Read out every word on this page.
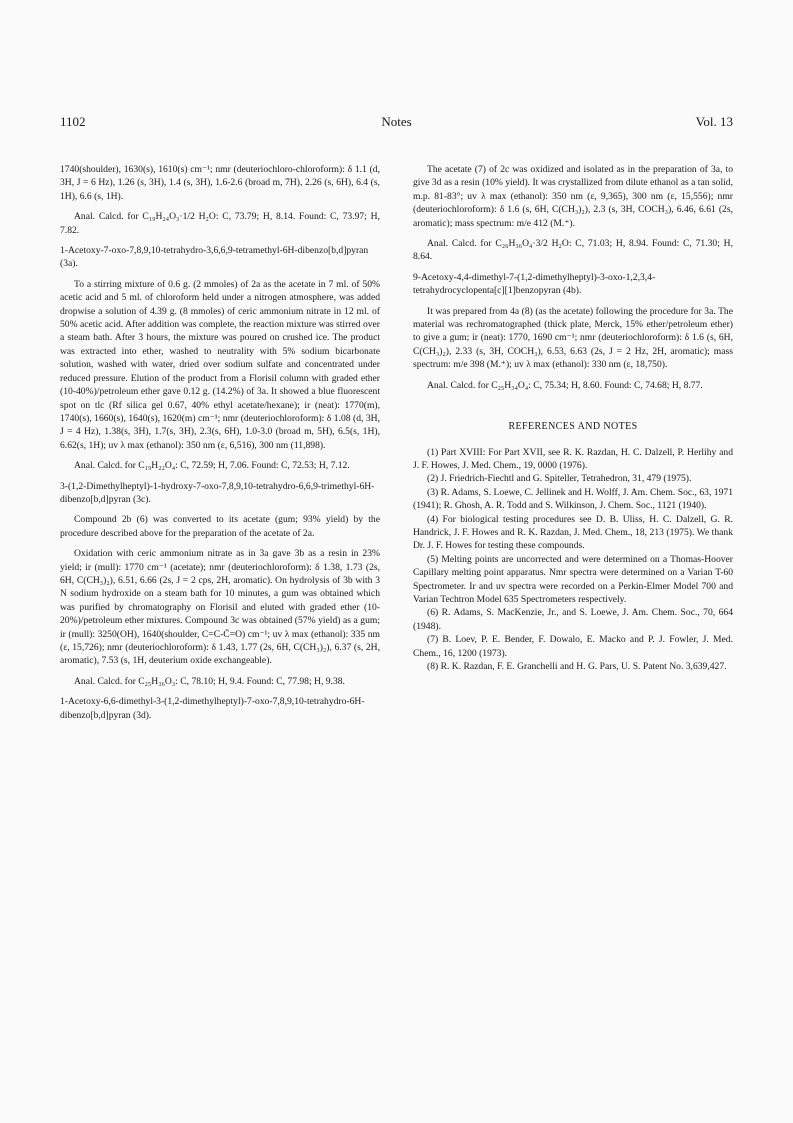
1102	Notes	Vol. 13

1740(shoulder), 1630(s), 1610(s) cm⁻¹; nmr (deuteriochloro-chloroform): δ 1.1 (d, 3H, J = 6 Hz), 1.26 (s, 3H), 1.4 (s, 3H), 1.6-2.6 (broad m, 7H), 2.26 (s, 6H), 6.4 (s, 1H), 6.6 (s, 1H).

Anal. Calcd. for C₁₉H₂₄O₃·1/2 H₂O: C, 73.79; H, 8.14. Found: C, 73.97; H, 7.82.

1-Acetoxy-7-oxo-7,8,9,10-tetrahydro-3,6,6,9-tetramethyl-6H-dibenzo[b,d]pyran (3a).

To a stirring mixture of 0.6 g. (2 mmoles) of 2a as the acetate in 7 ml. of 50% acetic acid and 5 ml. of chloroform held under a nitrogen atmosphere, was added dropwise a solution of 4.39 g. (8 mmoles) of ceric ammonium nitrate in 12 ml. of 50% acetic acid. After addition was complete, the reaction mixture was stirred over a steam bath. After 3 hours, the mixture was poured on crushed ice. The product was extracted into ether, washed to neutrality with 5% sodium bicarbonate solution, washed with water, dried over sodium sulfate and concentrated under reduced pressure. Elution of the product from a Florisil column with graded ether (10-40%)/petroleum ether gave 0.12 g. (14.2%) of 3a. It showed a blue fluorescent spot on tlc (Rf silica gel 0.67, 40% ethyl acetate/hexane); ir (neat): 1770(m), 1740(s), 1660(s), 1640(s), 1620(m) cm⁻¹; nmr (deuteriochloroform): δ 1.08 (d, 3H, J = 4 Hz), 1.38(s, 3H), 1.7(s, 3H), 2.3(s, 6H), 1.0-3.0 (broad m, 5H), 6.5(s, 1H), 6.62(s, 1H); uv λ max (ethanol): 350 nm (ε, 6,516), 300 nm (11,898).

Anal. Calcd. for C₁₉H₂₂O₄: C, 72.59; H, 7.06. Found: C, 72.53; H, 7.12.

3-(1,2-Dimethylheptyl)-1-hydroxy-7-oxo-7,8,9,10-tetrahydro-6,6,9-trimethyl-6H-dibenzo[b,d]pyran (3c).

Compound 2b (6) was converted to its acetate (gum; 93% yield) by the procedure described above for the preparation of the acetate of 2a.

Oxidation with ceric ammonium nitrate as in 3a gave 3b as a resin in 23% yield; ir (mull): 1770 cm⁻¹ (acetate); nmr (deuteriochloroform): δ 1.38, 1.73 (2s, 6H, C(CH₃)₂), 6.51, 6.66 (2s, J = 2 cps, 2H, aromatic). On hydrolysis of 3b with 3 N sodium hydroxide on a steam bath for 10 minutes, a gum was obtained which was purified by chromatography on Florisil and eluted with graded ether (10-20%)/petroleum ether mixtures. Compound 3c was obtained (57% yield) as a gum; ir (mull): 3250(OH), 1640(shoulder, C=C-C̈=O) cm⁻¹; uv λ max (ethanol): 335 nm (ε, 15,726); nmr (deuteriochloroform): δ 1.43, 1.77 (2s, 6H, C(CH₃)₂), 6.37 (s, 2H, aromatic), 7.53 (s, 1H, deuterium oxide exchangeable).

Anal. Calcd. for C₂₅H₃₆O₃: C, 78.10; H, 9.4. Found: C, 77.98; H, 9.38.

1-Acetoxy-6,6-dimethyl-3-(1,2-dimethylheptyl)-7-oxo-7,8,9,10-tetrahydro-6H-dibenzo[b,d]pyran (3d).

The acetate (7) of 2c was oxidized and isolated as in the preparation of 3a, to give 3d as a resin (10% yield). It was crystallized from dilute ethanol as a tan solid, m.p. 81-83°; uv λ max (ethanol): 350 nm (ε, 9,365), 300 nm (ε, 15,556); nmr (deuteriochloroform): δ 1.6 (s, 6H, C(CH₃)₂), 2.3 (s, 3H, COCH₃), 6.46, 6.61 (2s, aromatic); mass spectrum: m/e 412 (M.⁺).

Anal. Calcd. for C₂₆H₃₆O₄·3/2 H₂O: C, 71.03; H, 8.94. Found: C, 71.30; H, 8.64.

9-Acetoxy-4,4-dimethyl-7-(1,2-dimethylheptyl)-3-oxo-1,2,3,4-tetrahydrocyclopenta[c][1]benzopyran (4b).

It was prepared from 4a (8) (as the acetate) following the procedure for 3a. The material was rechromatographed (thick plate, Merck, 15% ether/petroleum ether) to give a gum; ir (neat): 1770, 1690 cm⁻¹; nmr (deuteriochloroform): δ 1.6 (s, 6H, C(CH₃)₂), 2.33 (s, 3H, COCH₃), 6.53, 6.63 (2s, J = 2 Hz, 2H, aromatic); mass spectrum: m/e 398 (M.⁺); uv λ max (ethanol): 330 nm (ε, 18,750).

Anal. Calcd. for C₂₅H₃₄O₄: C, 75.34; H, 8.60. Found: C, 74.68; H, 8.77.

REFERENCES AND NOTES

(1) Part XVIII: For Part XVII, see R. K. Razdan, H. C. Dalzell, P. Herlihy and J. F. Howes, J. Med. Chem., 19, 0000 (1976).

(2) J. Friedrich-Fiechtl and G. Spiteller, Tetrahedron, 31, 479 (1975).

(3) R. Adams, S. Loewe, C. Jellinek and H. Wolff, J. Am. Chem. Soc., 63, 1971 (1941); R. Ghosh, A. R. Todd and S. Wilkinson, J. Chem. Soc., 1121 (1940).

(4) For biological testing procedures see D. B. Uliss, H. C. Dalzell, G. R. Handrick, J. F. Howes and R. K. Razdan, J. Med. Chem., 18, 213 (1975). We thank Dr. J. F. Howes for testing these compounds.

(5) Melting points are uncorrected and were determined on a Thomas-Hoover Capillary melting point apparatus. Nmr spectra were determined on a Varian T-60 Spectrometer. Ir and uv spectra were recorded on a Perkin-Elmer Model 700 and Varian Techtron Model 635 Spectrometers respectively.

(6) R. Adams, S. MacKenzie, Jr., and S. Loewe, J. Am. Chem. Soc., 70, 664 (1948).

(7) B. Loev, P. E. Bender, F. Dowalo, E. Macko and P. J. Fowler, J. Med. Chem., 16, 1200 (1973).

(8) R. K. Razdan, F. E. Granchelli and H. G. Pars, U. S. Patent No. 3,639,427.
